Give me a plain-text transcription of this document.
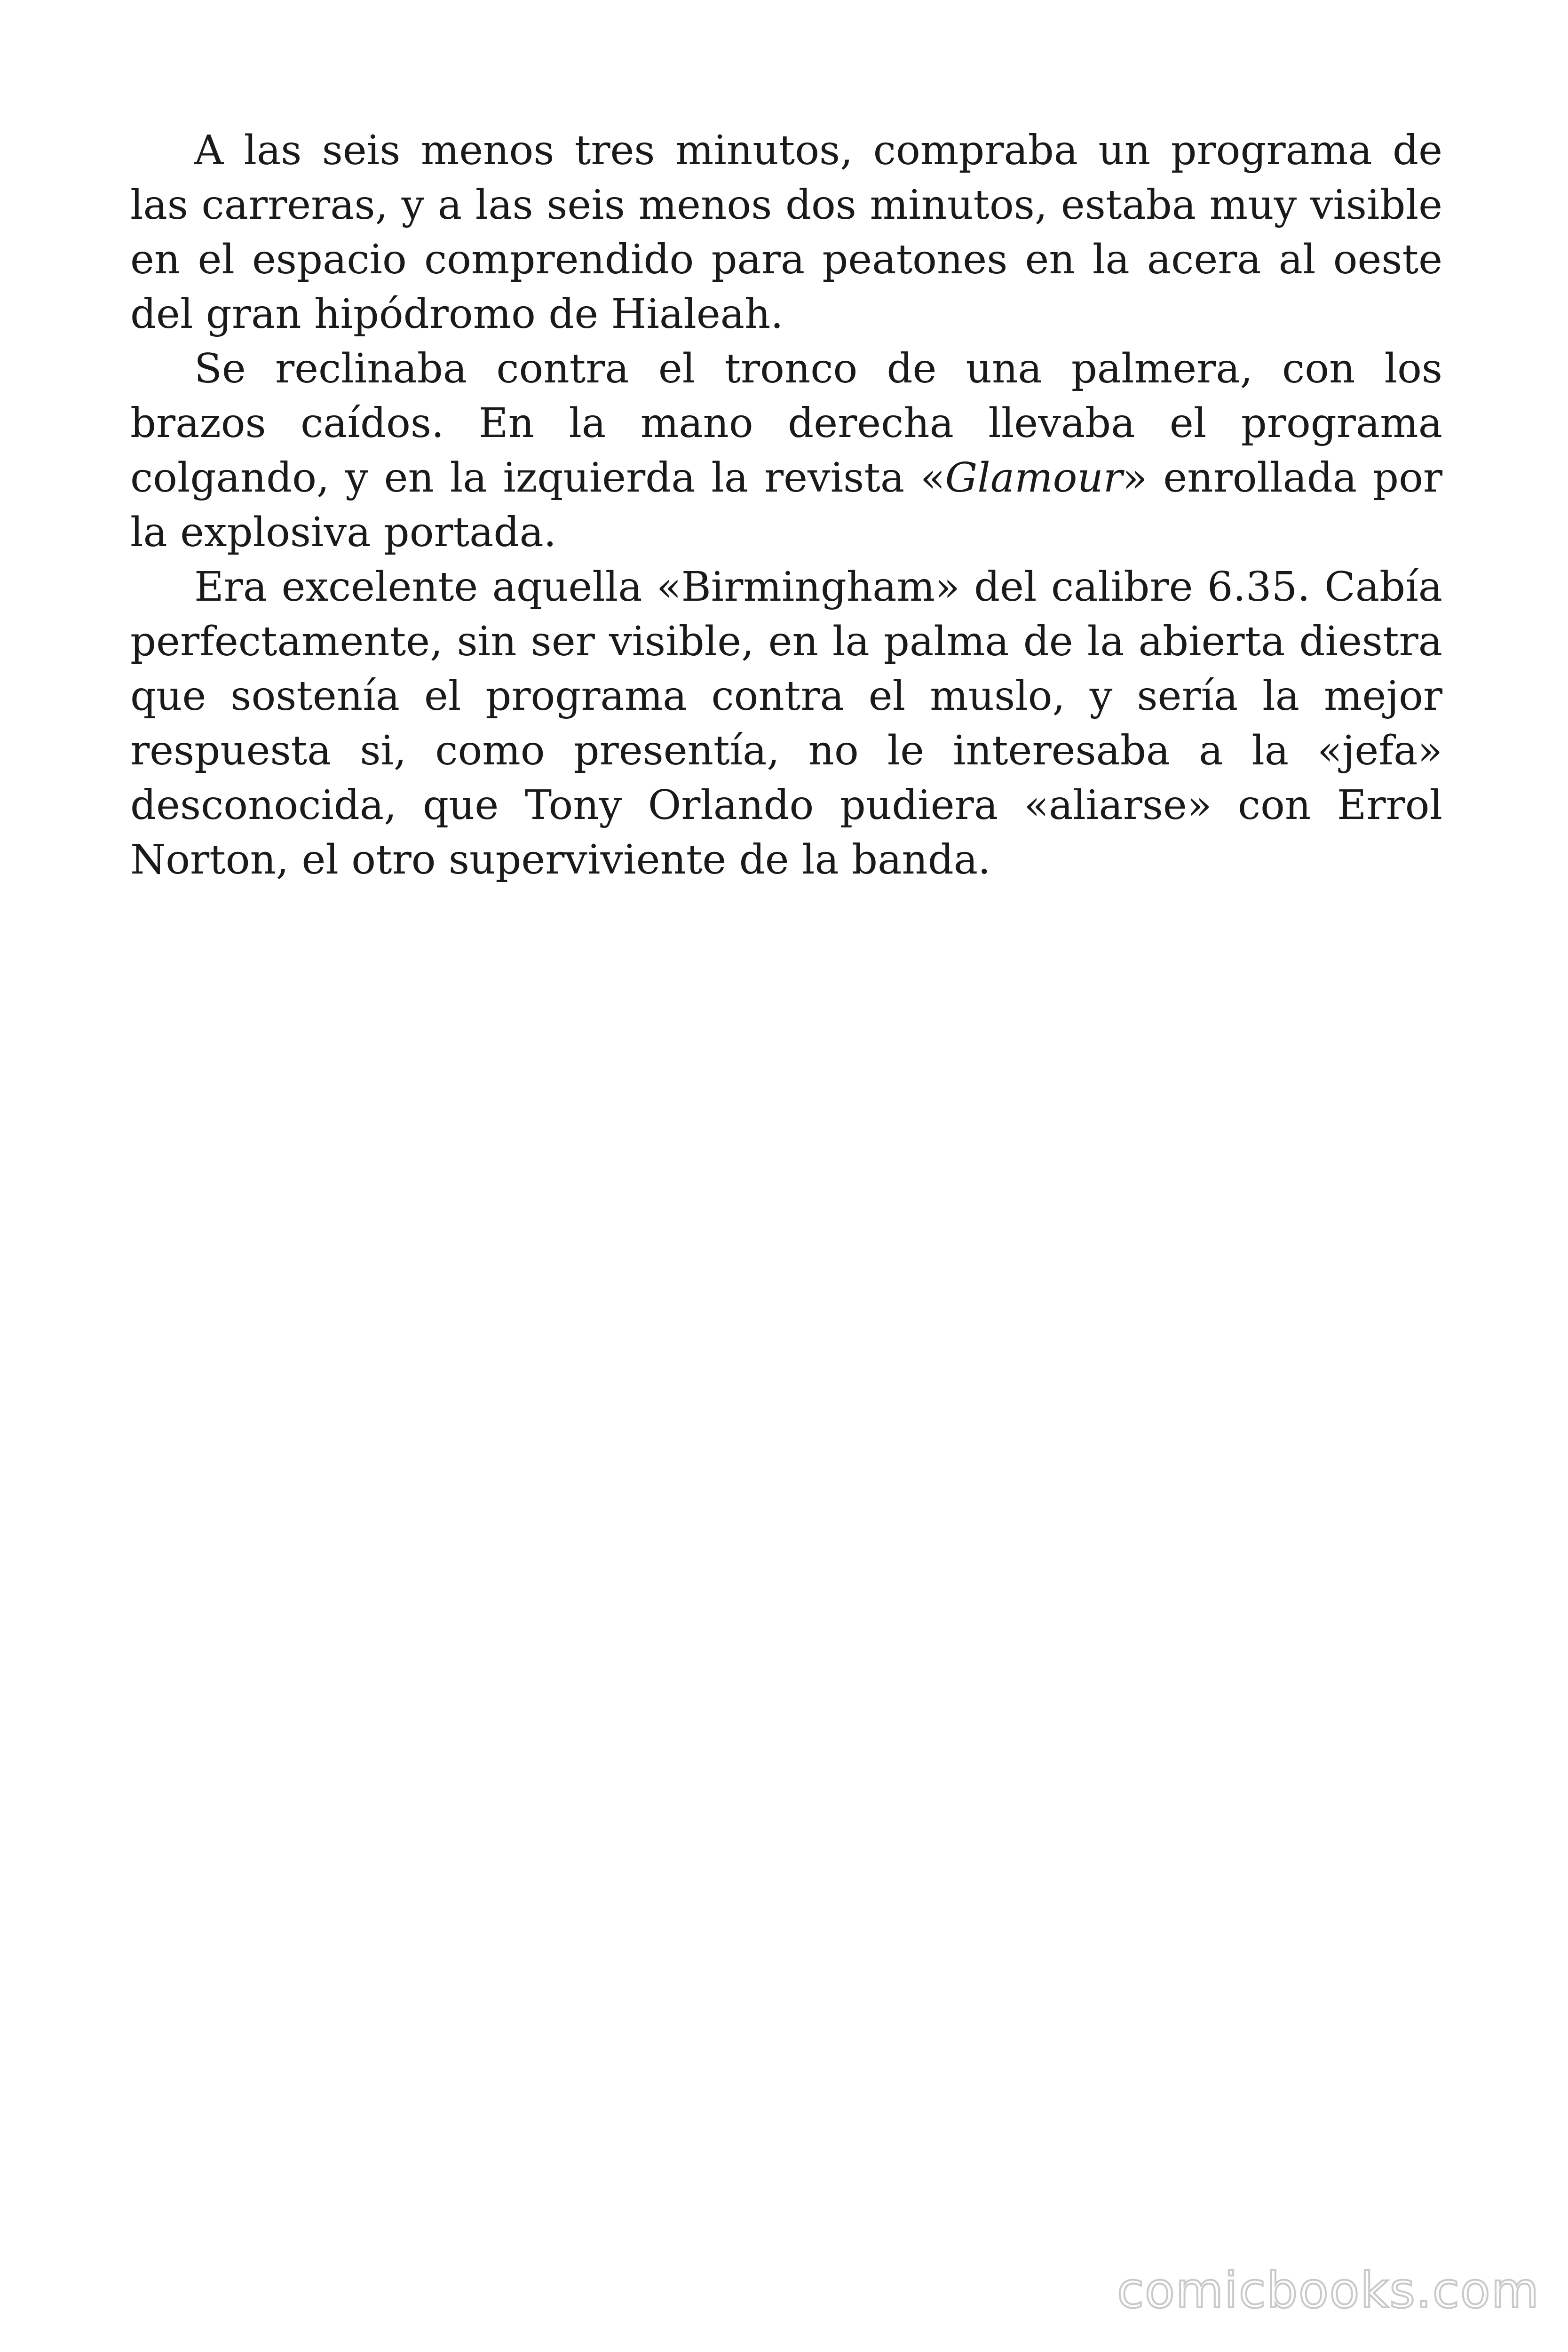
A las seis menos tres minutos, compraba un programa de las carreras, y a las seis menos dos minutos, estaba muy visible en el espacio comprendido para peatones en la acera al oeste del gran hipódromo de Hialeah.

Se reclinaba contra el tronco de una palmera, con los brazos caídos. En la mano derecha llevaba el programa colgando, y en la izquierda la revista «Glamour» enrollada por la explosiva portada.

Era excelente aquella «Birmingham» del calibre 6.35. Cabía perfectamente, sin ser visible, en la palma de la abierta diestra que sostenía el programa contra el muslo, y sería la mejor respuesta si, como presentía, no le interesaba a la «jefa» desconocida, que Tony Orlando pudiera «aliarse» con Errol Norton, el otro superviviente de la banda.

comicbooks.com
